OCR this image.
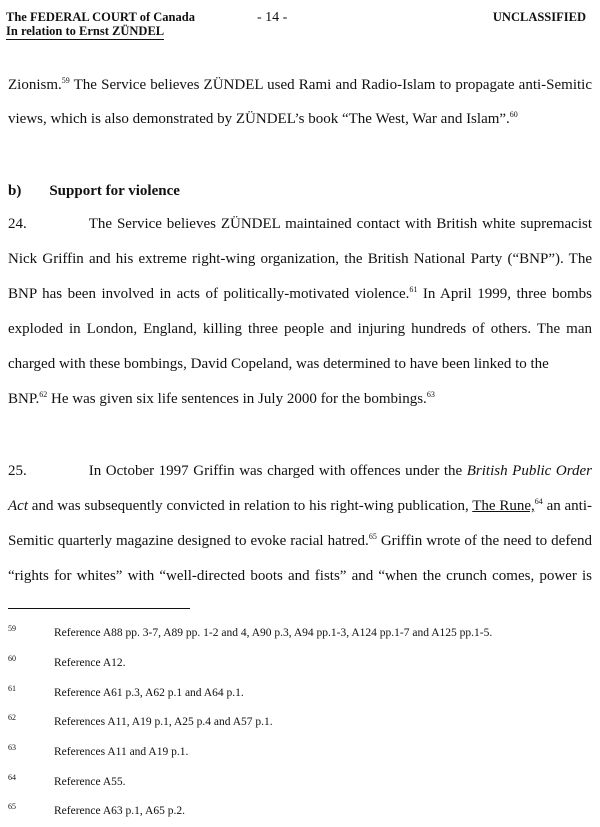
The FEDERAL COURT of Canada
In relation to Ernst ZÜNDEL
- 14 -	UNCLASSIFIED
Zionism.$^{59}$ The Service believes ZÜNDEL used Rami and Radio-Islam to propagate anti-Semitic
views, which is also demonstrated by ZÜNDEL’s book “The West, War and Islam”.$^{60}$
b) Support for violence
24.	The Service believes ZÜNDEL maintained contact with British white supremacist
Nick Griffin and his extreme right-wing organization, the British National Party (“BNP”). The
BNP has been involved in acts of politically-motivated violence.$^{61}$ In April 1999, three bombs
exploded in London, England, killing three people and injuring hundreds of others. The man
charged with these bombings, David Copeland, was determined to have been linked to the
BNP.$^{62}$ He was given six life sentences in July 2000 for the bombings.$^{63}$
25.	In October 1997 Griffin was charged with offences under the British Public Order
Act and was subsequently convicted in relation to his right-wing publication, The Rune,$^{64}$ an anti-
Semitic quarterly magazine designed to evoke racial hatred.$^{65}$ Griffin wrote of the need to defend
“rights for whites” with “well-directed boots and fists” and “when the crunch comes, power is
59	Reference A88 pp. 3-7, A89 pp. 1-2 and 4, A90 p.3, A94 pp.1-3, A124 pp.1-7 and A125 pp.1-5.
60	Reference A12.
61	Reference A61 p.3, A62 p.1 and A64 p.1.
62	References A11, A19 p.1, A25 p.4 and A57 p.1.
63	References A11 and A19 p.1.
64	Reference A55.
65	Reference A63 p.1, A65 p.2.
